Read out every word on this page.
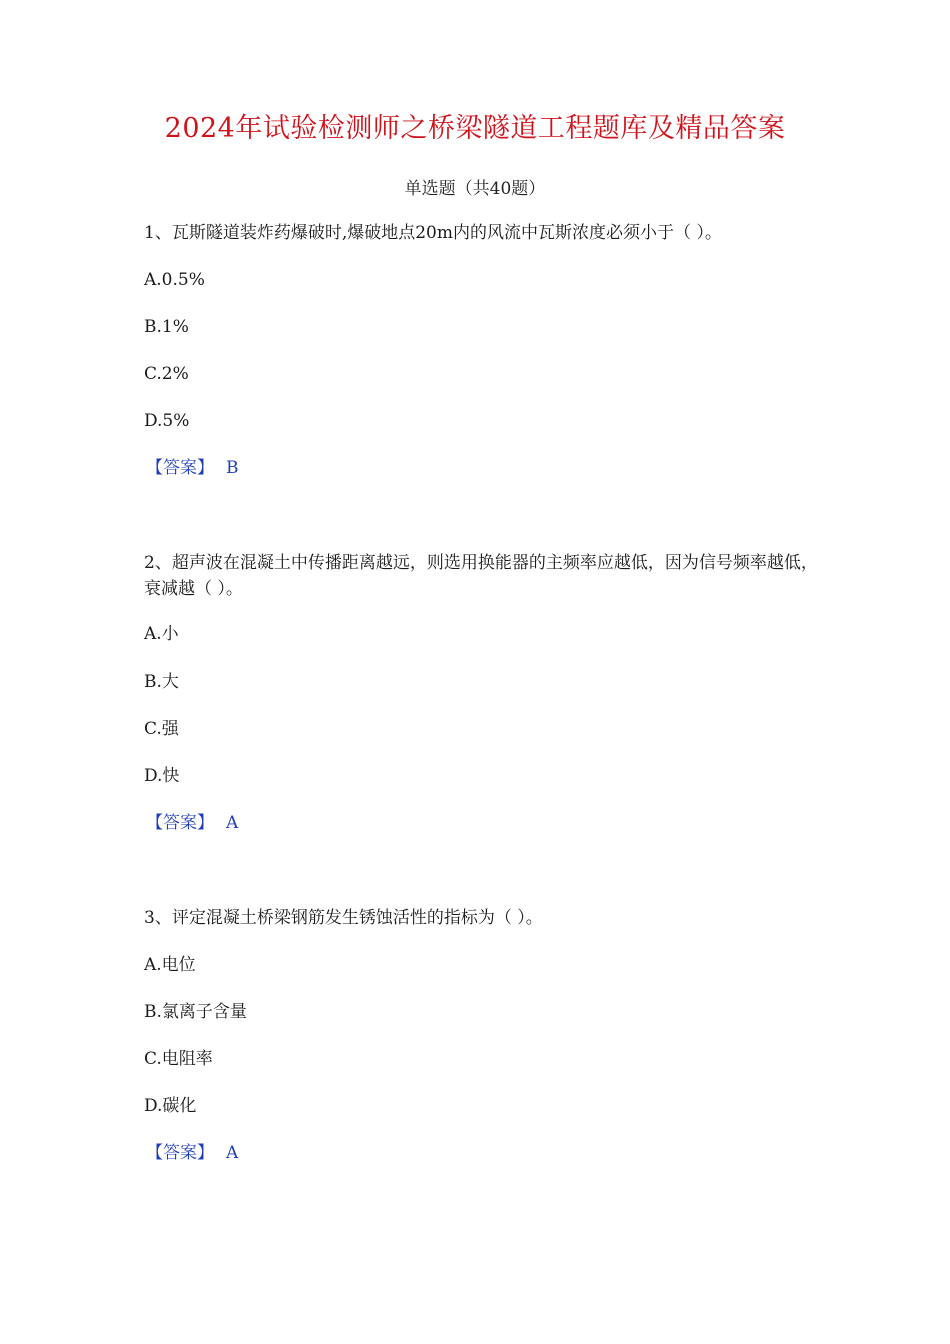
2024年试验检测师之桥梁隧道工程题库及精品答案
单选题（共40题）
1、瓦斯隧道装炸药爆破时,爆破地点20m内的风流中瓦斯浓度必须小于（ ）。
A.0.5%
B.1%
C.2%
D.5%
【答案】 B
2、超声波在混凝土中传播距离越远，则选用换能器的主频率应越低，因为信号频率越低，衰减越（ ）。
A.小
B.大
C.强
D.快
【答案】 A
3、评定混凝土桥梁钢筋发生锈蚀活性的指标为（ ）。
A.电位
B.氯离子含量
C.电阻率
D.碳化
【答案】 A
